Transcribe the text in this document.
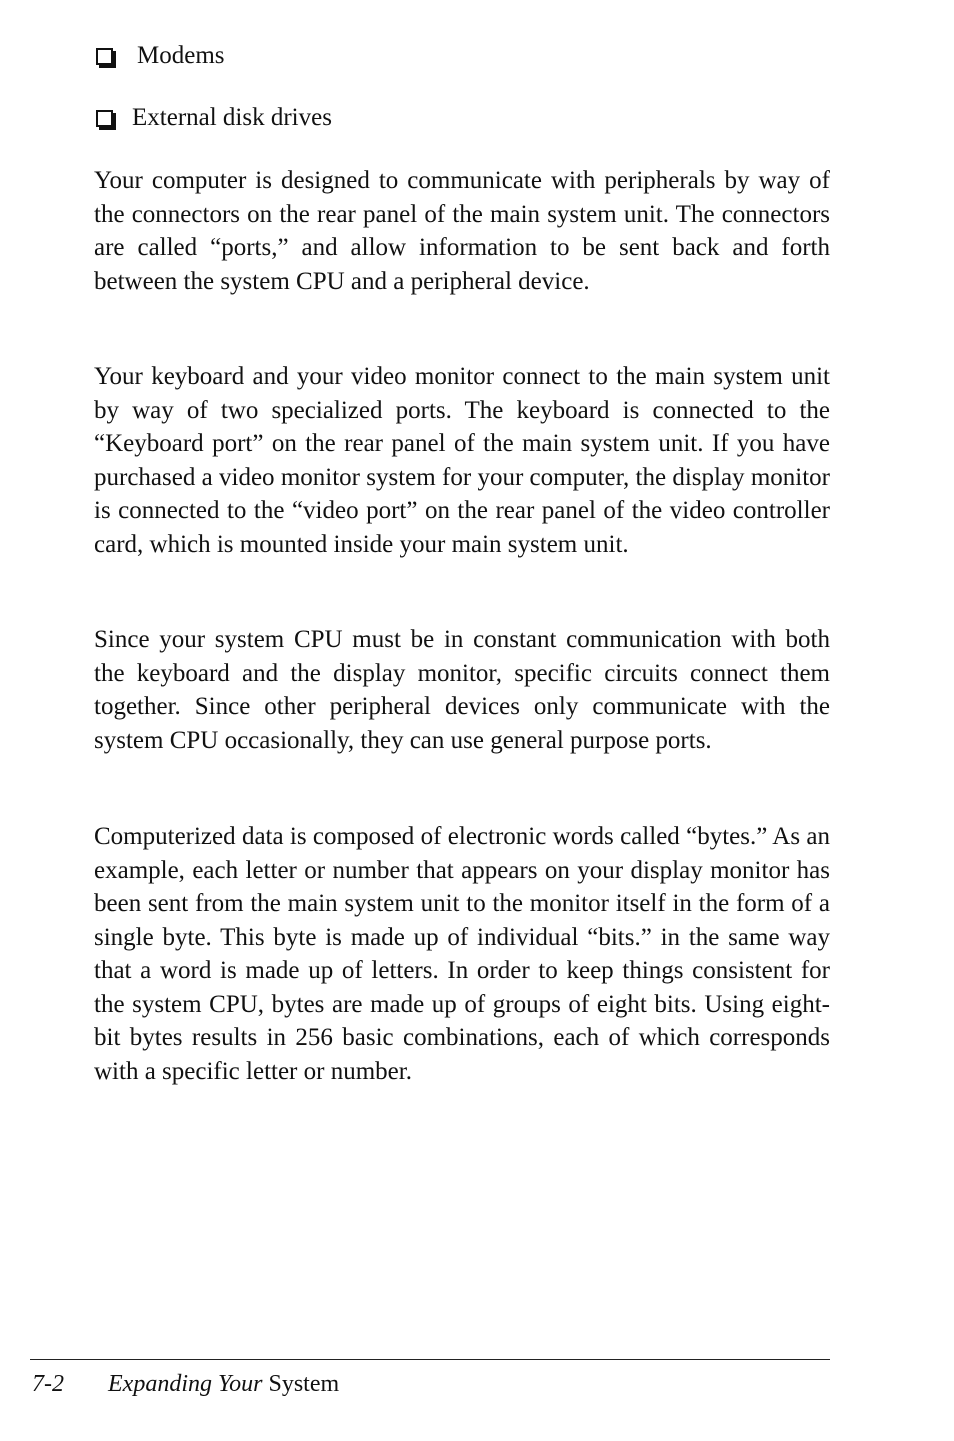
Modems
External disk drives

Your computer is designed to communicate with peripherals by way of the connectors on the rear panel of the main system unit. The connectors are called “ports,” and allow information to be sent back and forth between the system CPU and a peripheral device.

Your keyboard and your video monitor connect to the main system unit by way of two specialized ports. The keyboard is connected to the “Keyboard port” on the rear panel of the main system unit. If you have purchased a video monitor system for your computer, the display monitor is connected to the “video port” on the rear panel of the video controller card, which is mounted inside your main system unit.

Since your system CPU must be in constant communication with both the keyboard and the display monitor, specific circuits connect them together. Since other peripheral devices only communicate with the system CPU occasionally, they can use general purpose ports.

Computerized data is composed of electronic words called “bytes.” As an example, each letter or number that appears on your display monitor has been sent from the main system unit to the monitor itself in the form of a single byte. This byte is made up of individual “bits.” in the same way that a word is made up of letters. In order to keep things consistent for the system CPU, bytes are made up of groups of eight bits. Using eight-bit bytes results in 256 basic combinations, each of which corresponds with a specific letter or number.

7-2 Expanding Your System
